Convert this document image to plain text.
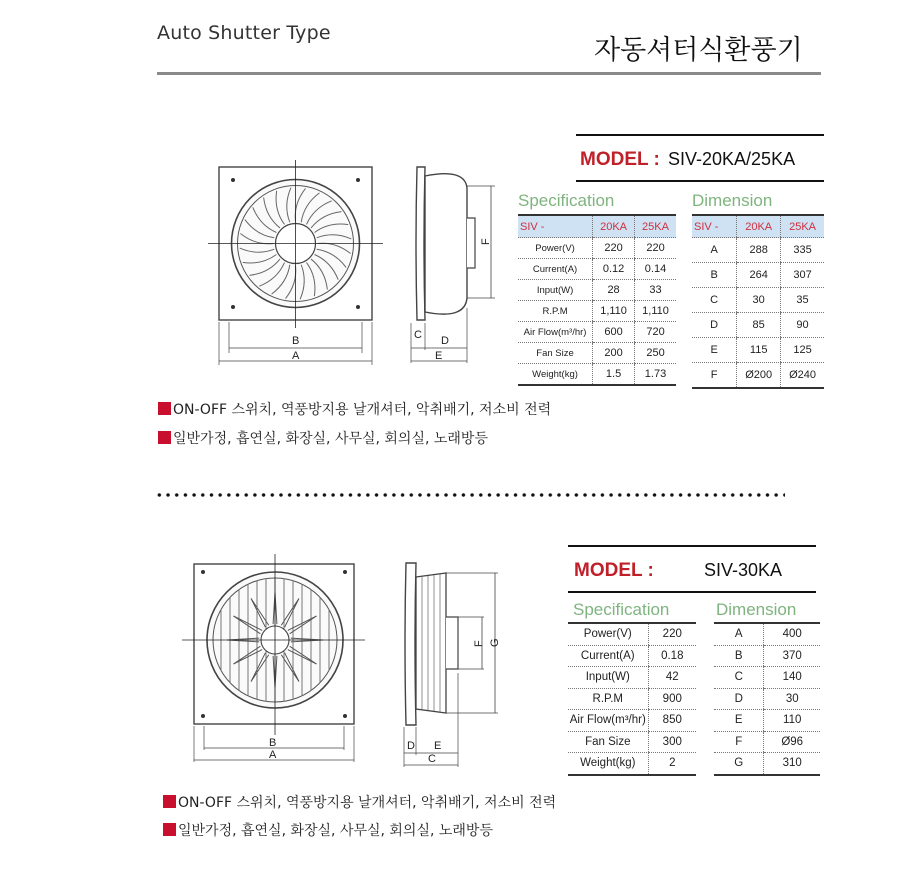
Auto Shutter Type
자동셔터식환풍기
B
A
F
C D
E
MODEL : SIV-20KA/25KA
Specification	Dimension
SIV -	20KA	25KA
Power(V)	220	220
Current(A)	0.12	0.14
Input(W)	28	33
R.P.M	1,110	1,110
Air Flow(m³/hr)	600	720
Fan Size	200	250
Weight(kg)	1.5	1.73
SIV -	20KA	25KA
A	288	335
B	264	307
C	30	35
D	85	90
E	115	125
F	Ø200	Ø240
ON-OFF 스위치, 역풍방지용 날개셔터, 악취배기, 저소비 전력
일반가정, 흡연실, 화장실, 사무실, 회의실, 노래방등
B
A
F G
D E
C
MODEL :	SIV-30KA
Specification	Dimension
Power(V)	220
Current(A)	0.18
Input(W)	42
R.P.M	900
Air Flow(m³/hr)	850
Fan Size	300
Weight(kg)	2
A	400
B	370
C	140
D	30
E	110
F	Ø96
G	310
ON-OFF 스위치, 역풍방지용 날개셔터, 악취배기, 저소비 전력
일반가정, 흡연실, 화장실, 사무실, 회의실, 노래방등
